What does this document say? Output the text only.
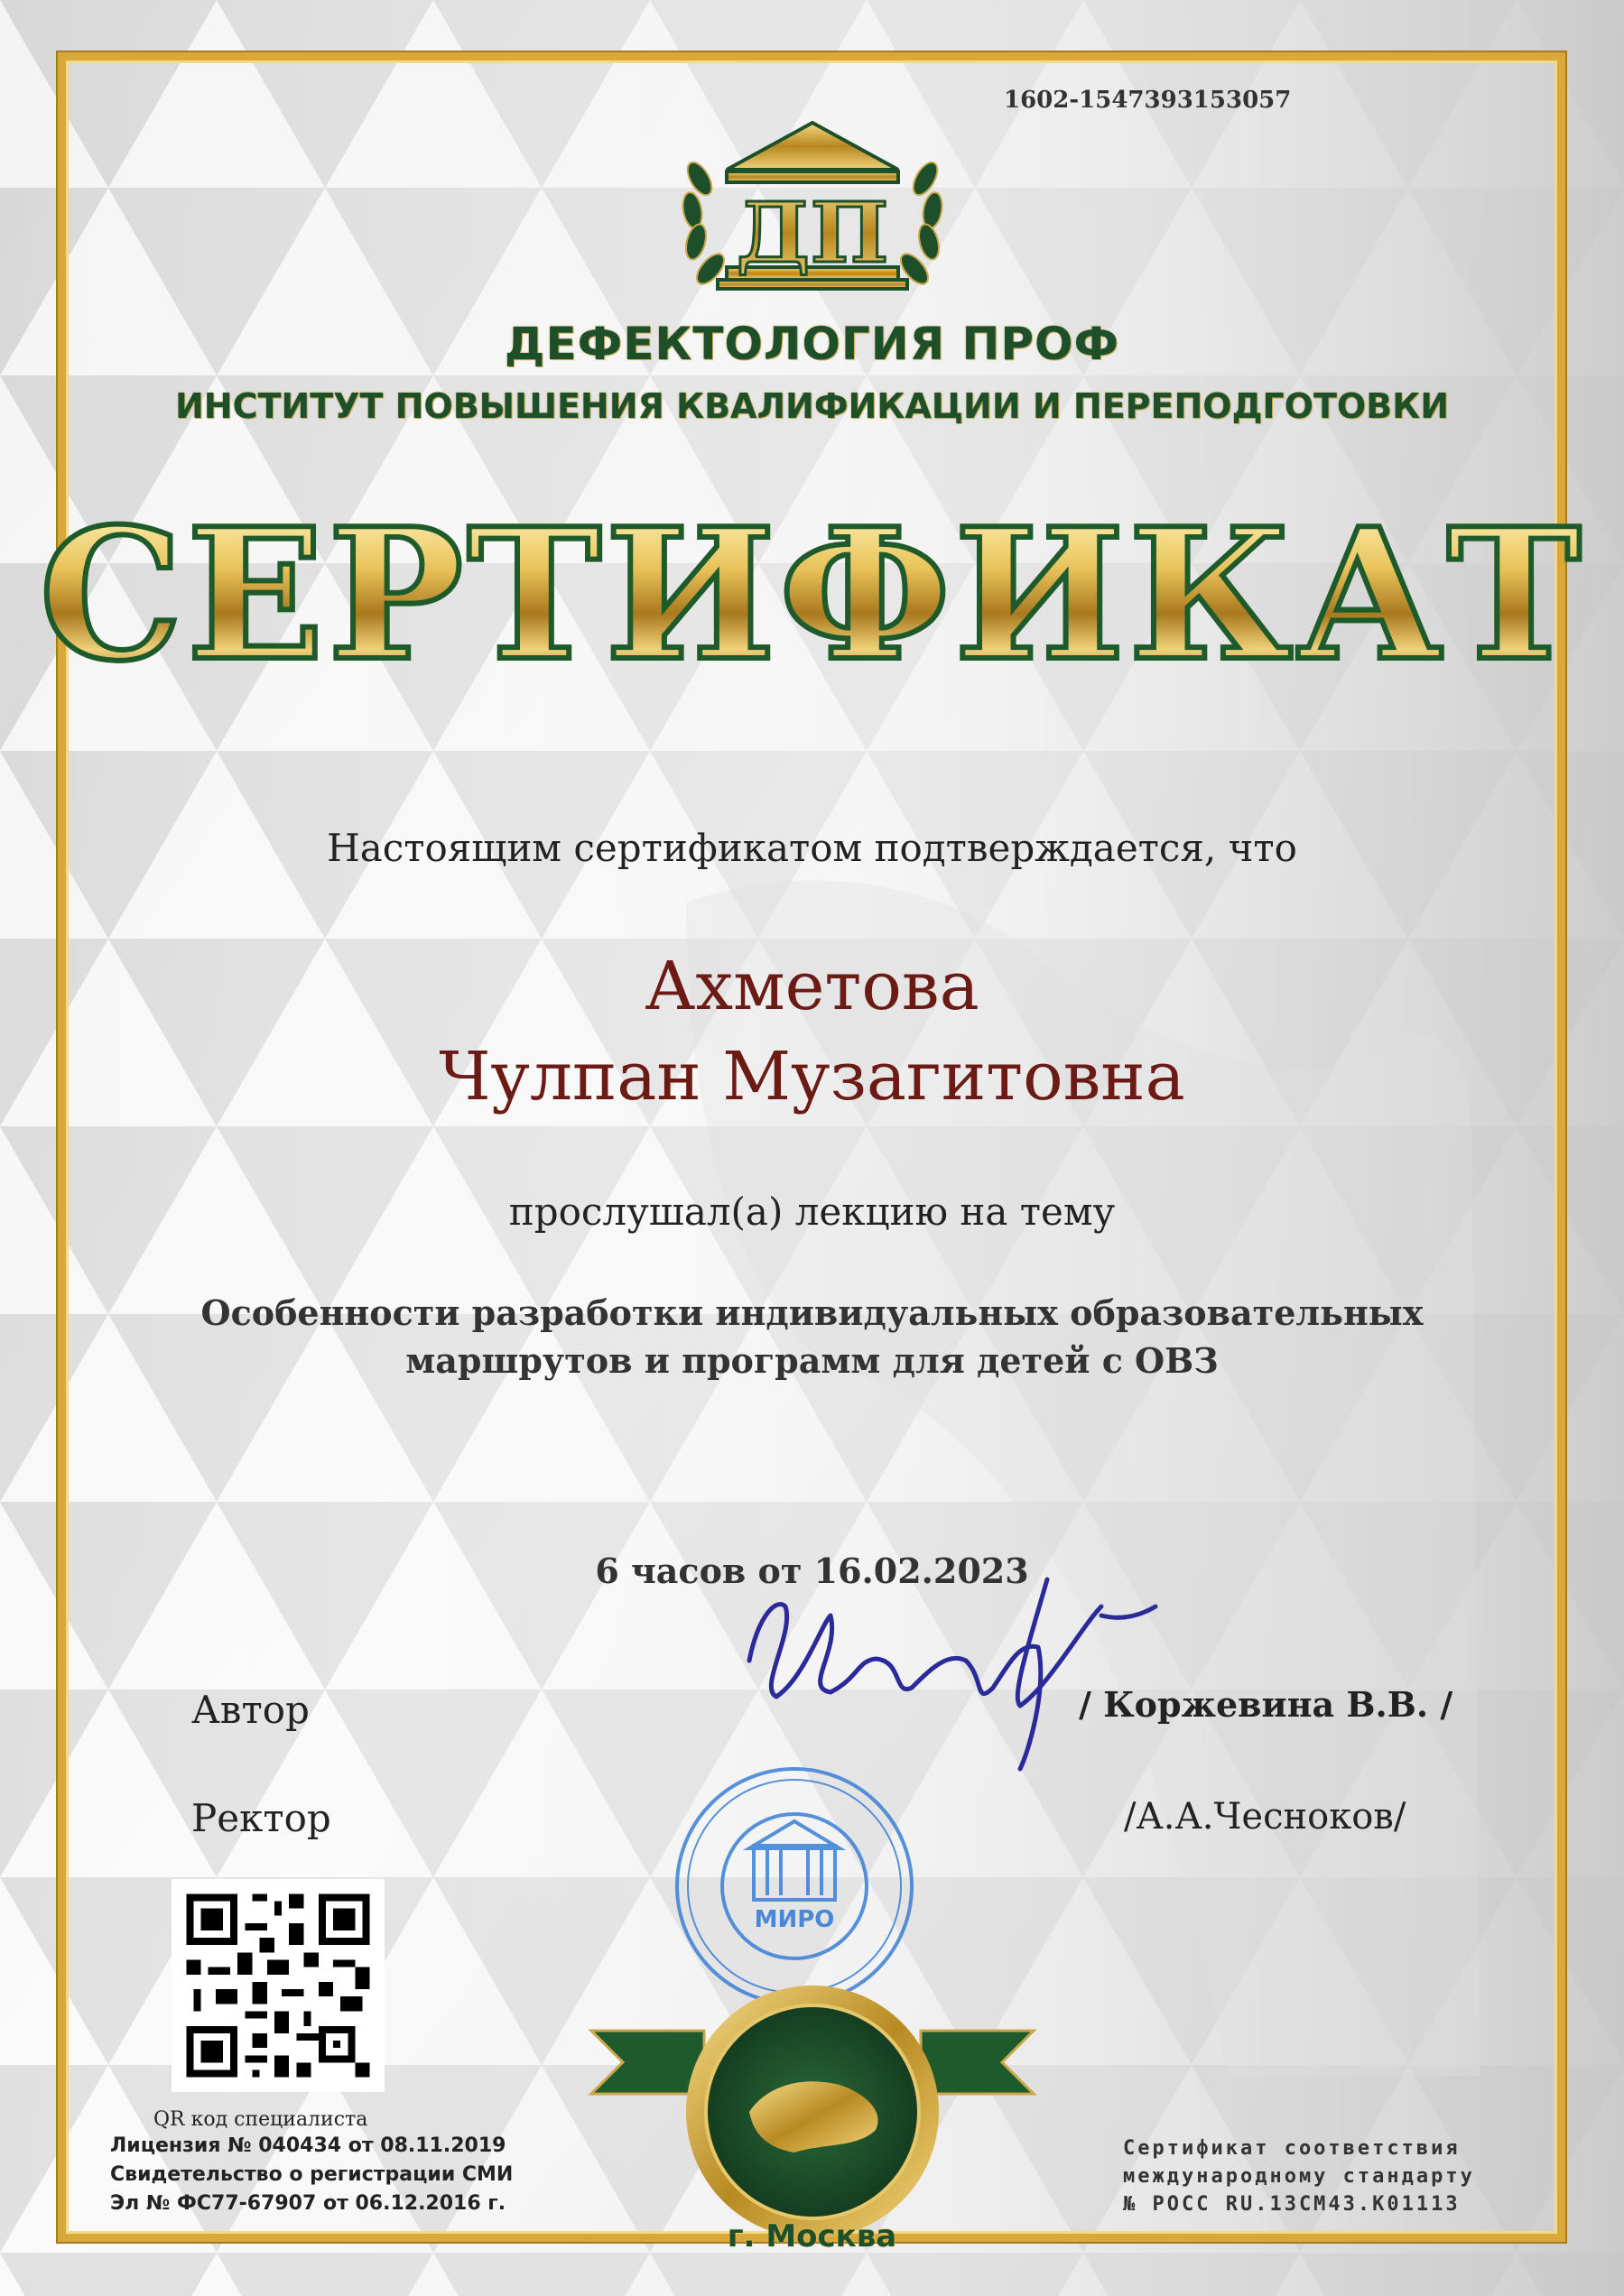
1602-1547393153057
ДП
ДЕФЕКТОЛОГИЯ ПРОФ
ИНСТИТУТ ПОВЫШЕНИЯ КВАЛИФИКАЦИИ И ПЕРЕПОДГОТОВКИ
СЕРТИФИКАТ
Настоящим сертификатом подтверждается, что
Ахметова
Чулпан Музагитовна
прослушал(а) лекцию на тему
Особенности разработки индивидуальных образовательных
маршрутов и программ для детей с ОВЗ
6 часов от 16.02.2023
Автор	/ Коржевина В.В. /
Ректор	/А.А.Чесноков/
МИРО
QR код специалиста
Лицензия № 040434 от 08.11.2019
Свидетельство о регистрации СМИ
Эл № ФС77-67907 от 06.12.2016 г.
Сертификат соответствия
международному стандарту
№ РОСС RU.13CM43.K01113
г. Москва
